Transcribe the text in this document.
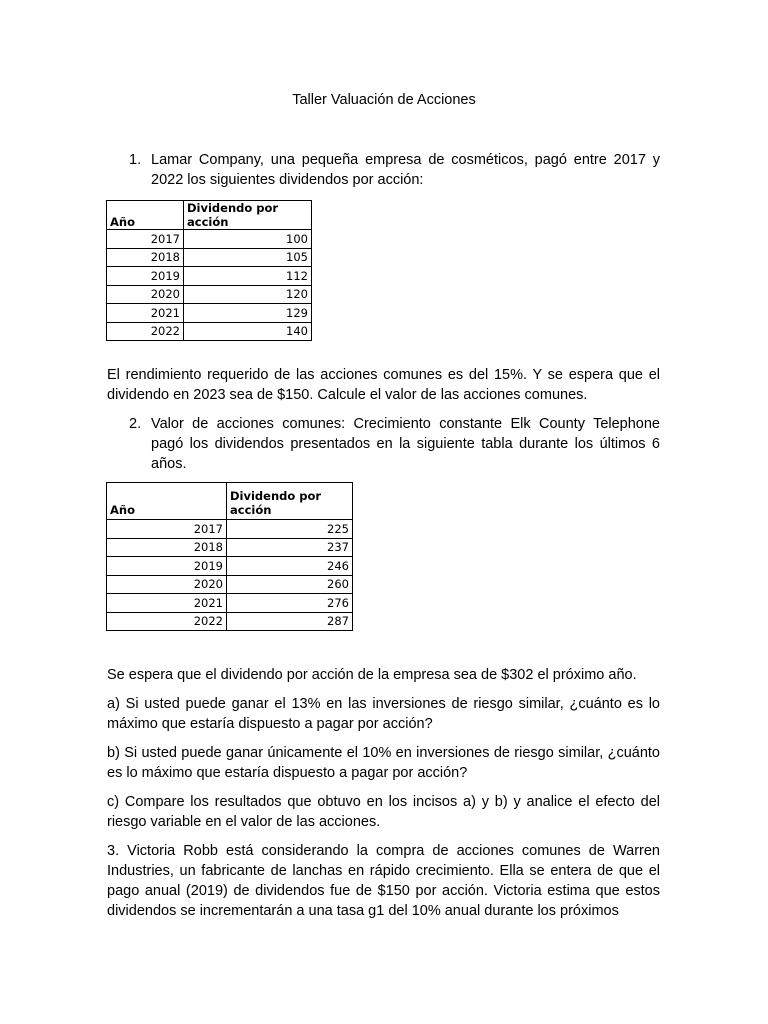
Taller Valuación de Acciones
1. Lamar Company, una pequeña empresa de cosméticos, pagó entre 2017 y 2022 los siguientes dividendos por acción:
Año	Dividendo por acción
2017	100
2018	105
2019	112
2020	120
2021	129
2022	140

El rendimiento requerido de las acciones comunes es del 15%. Y se espera que el dividendo en 2023 sea de $150. Calcule el valor de las acciones comunes.

2. Valor de acciones comunes: Crecimiento constante Elk County Telephone pagó los dividendos presentados en la siguiente tabla durante los últimos 6 años.
Año	Dividendo por acción
2017	225
2018	237
2019	246
2020	260
2021	276
2022	287

Se espera que el dividendo por acción de la empresa sea de $302 el próximo año.

a) Si usted puede ganar el 13% en las inversiones de riesgo similar, ¿cuánto es lo máximo que estaría dispuesto a pagar por acción?

b) Si usted puede ganar únicamente el 10% en inversiones de riesgo similar, ¿cuánto es lo máximo que estaría dispuesto a pagar por acción?

c) Compare los resultados que obtuvo en los incisos a) y b) y analice el efecto del riesgo variable en el valor de las acciones.

3. Victoria Robb está considerando la compra de acciones comunes de Warren Industries, un fabricante de lanchas en rápido crecimiento. Ella se entera de que el pago anual (2019) de dividendos fue de $150 por acción. Victoria estima que estos dividendos se incrementarán a una tasa g1 del 10% anual durante los próximos
